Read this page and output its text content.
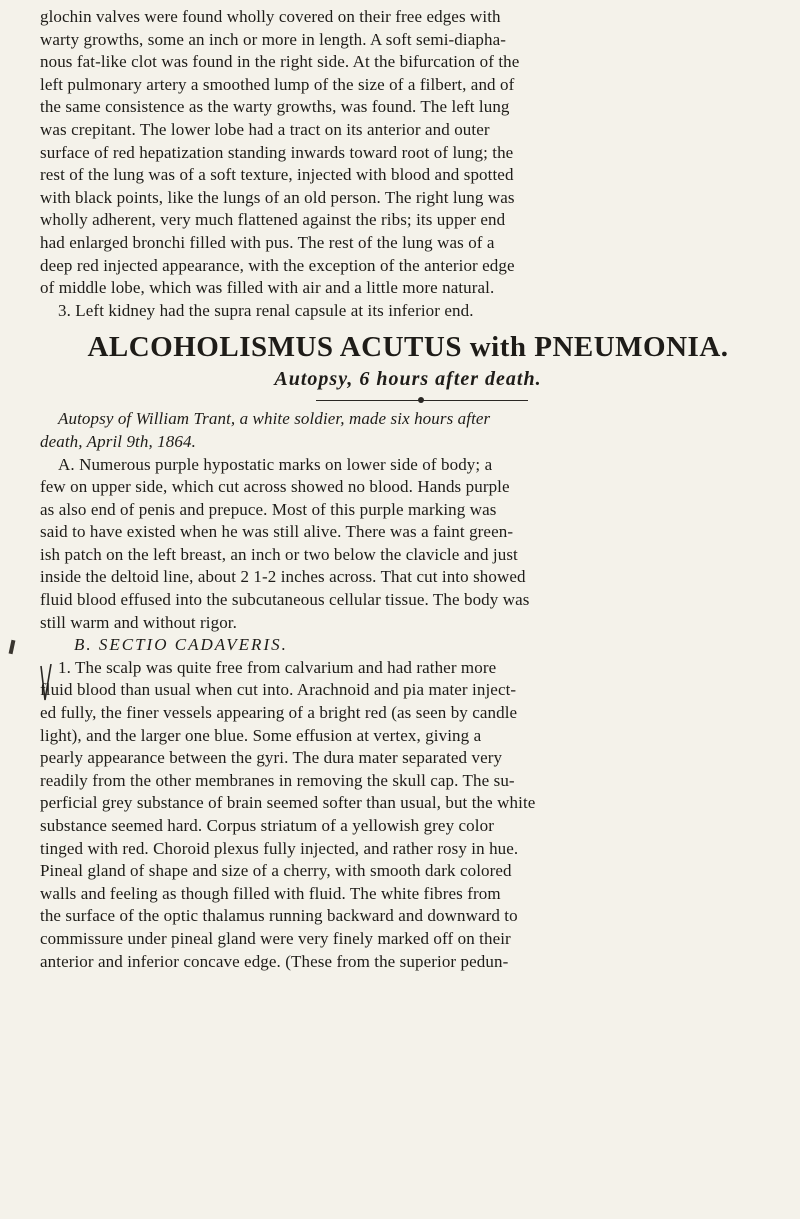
glochin valves were found wholly covered on their free edges with

warty growths, some an inch or more in length. A soft semi-diapha-

nous fat-like clot was found in the right side. At the bifurcation of the

left pulmonary artery a smoothed lump of the size of a filbert, and of

the same consistence as the warty growths, was found. The left lung

was crepitant. The lower lobe had a tract on its anterior and outer

surface of red hepatization standing inwards toward root of lung; the

rest of the lung was of a soft texture, injected with blood and spotted

with black points, like the lungs of an old person. The right lung was

wholly adherent, very much flattened against the ribs; its upper end

had enlarged bronchi filled with pus. The rest of the lung was of a

deep red injected appearance, with the exception of the anterior edge

of middle lobe, which was filled with air and a little more natural.

3. Left kidney had the supra renal capsule at its inferior end.

ALCOHOLISMUS ACUTUS with PNEUMONIA.
Autopsy, 6 hours after death.

Autopsy of William Trant, a white soldier, made six hours after

death, April 9th, 1864.

A. Numerous purple hypostatic marks on lower side of body; a

few on upper side, which cut across showed no blood. Hands purple

as also end of penis and prepuce. Most of this purple marking was

said to have existed when he was still alive. There was a faint green-

ish patch on the left breast, an inch or two below the clavicle and just

inside the deltoid line, about 2 1-2 inches across. That cut into showed

fluid blood effused into the subcutaneous cellular tissue. The body was

still warm and without rigor.

B. SECTIO CADAVERIS.

1. The scalp was quite free from calvarium and had rather more

fluid blood than usual when cut into. Arachnoid and pia mater inject-

ed fully, the finer vessels appearing of a bright red (as seen by candle

light), and the larger one blue. Some effusion at vertex, giving a

pearly appearance between the gyri. The dura mater separated very

readily from the other membranes in removing the skull cap. The su-

perficial grey substance of brain seemed softer than usual, but the white

substance seemed hard. Corpus striatum of a yellowish grey color

tinged with red. Choroid plexus fully injected, and rather rosy in hue.

Pineal gland of shape and size of a cherry, with smooth dark colored

walls and feeling as though filled with fluid. The white fibres from

the surface of the optic thalamus running backward and downward to

commissure under pineal gland were very finely marked off on their

anterior and inferior concave edge. (These from the superior pedun-
